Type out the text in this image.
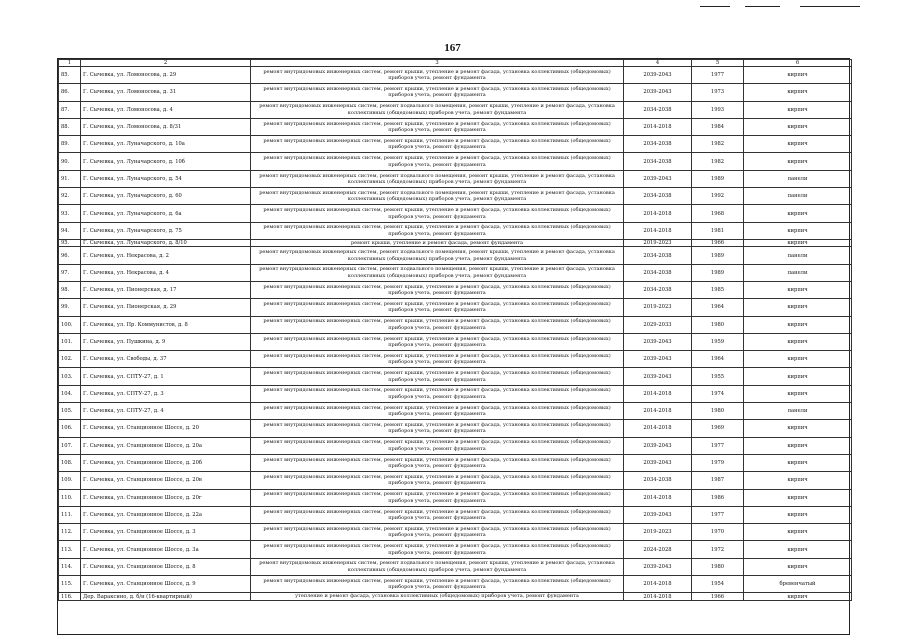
167
1	2	3	4	5	6
85.	Г. Сычевка, ул. Ломоносова, д. 29	ремонт внутридомовых инженерных систем, ремонт крыши, утепление и ремонт фасада, установка коллективных (общедомовых) приборов учета, ремонт фундамента	2039-2043	1977	кирпич
86.	Г. Сычевка, ул. Ломоносова, д. 31	ремонт внутридомовых инженерных систем, ремонт крыши, утепление и ремонт фасада, установка коллективных (общедомовых) приборов учета, ремонт фундамента	2039-2043	1973	кирпич
87.	Г. Сычевка, ул. Ломоносова, д. 4	ремонт внутридомовых инженерных систем, ремонт подвального помещения, ремонт крыши, утепление и ремонт фасада, установка коллективных (общедомовых) приборов учета, ремонт фундамента	2034-2038	1993	кирпич
88.	Г. Сычевка, ул. Ломоносова, д. 8/31	ремонт внутридомовых инженерных систем, ремонт крыши, утепление и ремонт фасада, установка коллективных (общедомовых) приборов учета, ремонт фундамента	2014-2018	1984	кирпич
89.	Г. Сычевка, ул. Луначарского, д. 10а	ремонт внутридомовых инженерных систем, ремонт крыши, утепление и ремонт фасада, установка коллективных (общедомовых) приборов учета, ремонт фундамента	2034-2038	1982	кирпич
90.	Г. Сычевка, ул. Луначарского, д. 10б	ремонт внутридомовых инженерных систем, ремонт крыши, утепление и ремонт фасада, установка коллективных (общедомовых) приборов учета, ремонт фундамента	2034-2038	1982	кирпич
91.	Г. Сычевка, ул. Луначарского, д. 54	ремонт внутридомовых инженерных систем, ремонт подвального помещения, ремонт крыши, утепление и ремонт фасада, установка коллективных (общедомовых) приборов учета, ремонт фундамента	2039-2043	1989	панели
92.	Г. Сычевка, ул. Луначарского, д. 60	ремонт внутридомовых инженерных систем, ремонт подвального помещения, ремонт крыши, утепление и ремонт фасада, установка коллективных (общедомовых) приборов учета, ремонт фундамента	2034-2038	1992	панели
93.	Г. Сычевка, ул. Луначарского, д. 6а	ремонт внутридомовых инженерных систем, ремонт крыши, утепление и ремонт фасада, установка коллективных (общедомовых) приборов учета, ремонт фундамента	2014-2018	1968	кирпич
94.	Г. Сычевка, ул. Луначарского, д. 75	ремонт внутридомовых инженерных систем, ремонт крыши, утепление и ремонт фасада, установка коллективных (общедомовых) приборов учета, ремонт фундамента	2014-2018	1981	кирпич
95.	Г. Сычевка, ул. Луначарского, д. 8/10	ремонт крыши, утепление и ремонт фасада, ремонт фундамента	2019-2023	1966	кирпич
96.	Г. Сычевка, ул. Некрасова, д. 2	ремонт внутридомовых инженерных систем, ремонт подвального помещения, ремонт крыши, утепление и ремонт фасада, установка коллективных (общедомовых) приборов учета, ремонт фундамента	2034-2038	1989	панели
97.	Г. Сычевка, ул. Некрасова, д. 4	ремонт внутридомовых инженерных систем, ремонт подвального помещения, ремонт крыши, утепление и ремонт фасада, установка коллективных (общедомовых) приборов учета, ремонт фундамента	2034-2038	1989	панели
98.	Г. Сычевка, ул. Пионерская, д. 17	ремонт внутридомовых инженерных систем, ремонт крыши, утепление и ремонт фасада, установка коллективных (общедомовых) приборов учета, ремонт фундамента	2034-2038	1985	кирпич
99.	Г. Сычевка, ул. Пионерская, д. 29	ремонт внутридомовых инженерных систем, ремонт крыши, утепление и ремонт фасада, установка коллективных (общедомовых) приборов учета, ремонт фундамента	2019-2023	1964	кирпич
100.	Г. Сычевка, ул. Пр. Коммунистов, д. 8	ремонт внутридомовых инженерных систем, ремонт крыши, утепление и ремонт фасада, установка коллективных (общедомовых) приборов учета, ремонт фундамента	2029-2033	1980	кирпич
101.	Г. Сычевка, ул. Пушкина, д. 9	ремонт внутридомовых инженерных систем, ремонт крыши, утепление и ремонт фасада, установка коллективных (общедомовых) приборов учета, ремонт фундамента	2039-2043	1959	кирпич
102.	Г. Сычевка, ул. Свободы, д. 37	ремонт внутридомовых инженерных систем, ремонт крыши, утепление и ремонт фасада, установка коллективных (общедомовых) приборов учета, ремонт фундамента	2039-2043	1964	кирпич
103.	Г. Сычевка, ул. СПТУ-27, д. 1	ремонт внутридомовых инженерных систем, ремонт крыши, утепление и ремонт фасада, установка коллективных (общедомовых) приборов учета, ремонт фундамента	2039-2043	1955	кирпич
104.	Г. Сычевка, ул. СПТУ-27, д. 3	ремонт внутридомовых инженерных систем, ремонт крыши, утепление и ремонт фасада, установка коллективных (общедомовых) приборов учета, ремонт фундамента	2014-2018	1974	кирпич
105.	Г. Сычевка, ул. СПТУ-27, д. 4	ремонт внутридомовых инженерных систем, ремонт крыши, утепление и ремонт фасада, установка коллективных (общедомовых) приборов учета, ремонт фундамента	2014-2018	1980	панели
106.	Г. Сычевка, ул. Станционное Шоссе, д. 20	ремонт внутридомовых инженерных систем, ремонт крыши, утепление и ремонт фасада, установка коллективных (общедомовых) приборов учета, ремонт фундамента	2014-2018	1969	кирпич
107.	Г. Сычевка, ул. Станционное Шоссе, д. 20а	ремонт внутридомовых инженерных систем, ремонт крыши, утепление и ремонт фасада, установка коллективных (общедомовых) приборов учета, ремонт фундамента	2039-2043	1977	кирпич
108.	Г. Сычевка, ул. Станционное Шоссе, д. 20б	ремонт внутридомовых инженерных систем, ремонт крыши, утепление и ремонт фасада, установка коллективных (общедомовых) приборов учета, ремонт фундамента	2039-2043	1979	кирпич
109.	Г. Сычевка, ул. Станционное Шоссе, д. 20в	ремонт внутридомовых инженерных систем, ремонт крыши, утепление и ремонт фасада, установка коллективных (общедомовых) приборов учета, ремонт фундамента	2034-2038	1987	кирпич
110.	Г. Сычевка, ул. Станционное Шоссе, д. 20г	ремонт внутридомовых инженерных систем, ремонт крыши, утепление и ремонт фасада, установка коллективных (общедомовых) приборов учета, ремонт фундамента	2014-2018	1986	кирпич
111.	Г. Сычевка, ул. Станционное Шоссе, д. 22а	ремонт внутридомовых инженерных систем, ремонт крыши, утепление и ремонт фасада, установка коллективных (общедомовых) приборов учета, ремонт фундамента	2039-2043	1977	кирпич
112.	Г. Сычевка, ул. Станционное Шоссе, д. 3	ремонт внутридомовых инженерных систем, ремонт крыши, утепление и ремонт фасада, установка коллективных (общедомовых) приборов учета, ремонт фундамента	2019-2023	1970	кирпич
113.	Г. Сычевка, ул. Станционное Шоссе, д. 3а	ремонт внутридомовых инженерных систем, ремонт крыши, утепление и ремонт фасада, установка коллективных (общедомовых) приборов учета, ремонт фундамента	2024-2028	1972	кирпич
114.	Г. Сычевка, ул. Станционное Шоссе, д. 8	ремонт внутридомовых инженерных систем, ремонт подвального помещения, ремонт крыши, утепление и ремонт фасада, установка коллективных (общедомовых) приборов учета, ремонт фундамента	2039-2043	1980	кирпич
115.	Г. Сычевка, ул. Станционное Шоссе, д. 9	ремонт внутридомовых инженерных систем, ремонт крыши, утепление и ремонт фасада, установка коллективных (общедомовых) приборов учета, ремонт фундамента	2014-2018	1954	бревенчатый
116.	Дер. Вараксино, д. б/н (16-квартирный)	утепление и ремонт фасада, установка коллективных (общедомовых) приборов учета, ремонт фундамента	2014-2018	1966	кирпич
